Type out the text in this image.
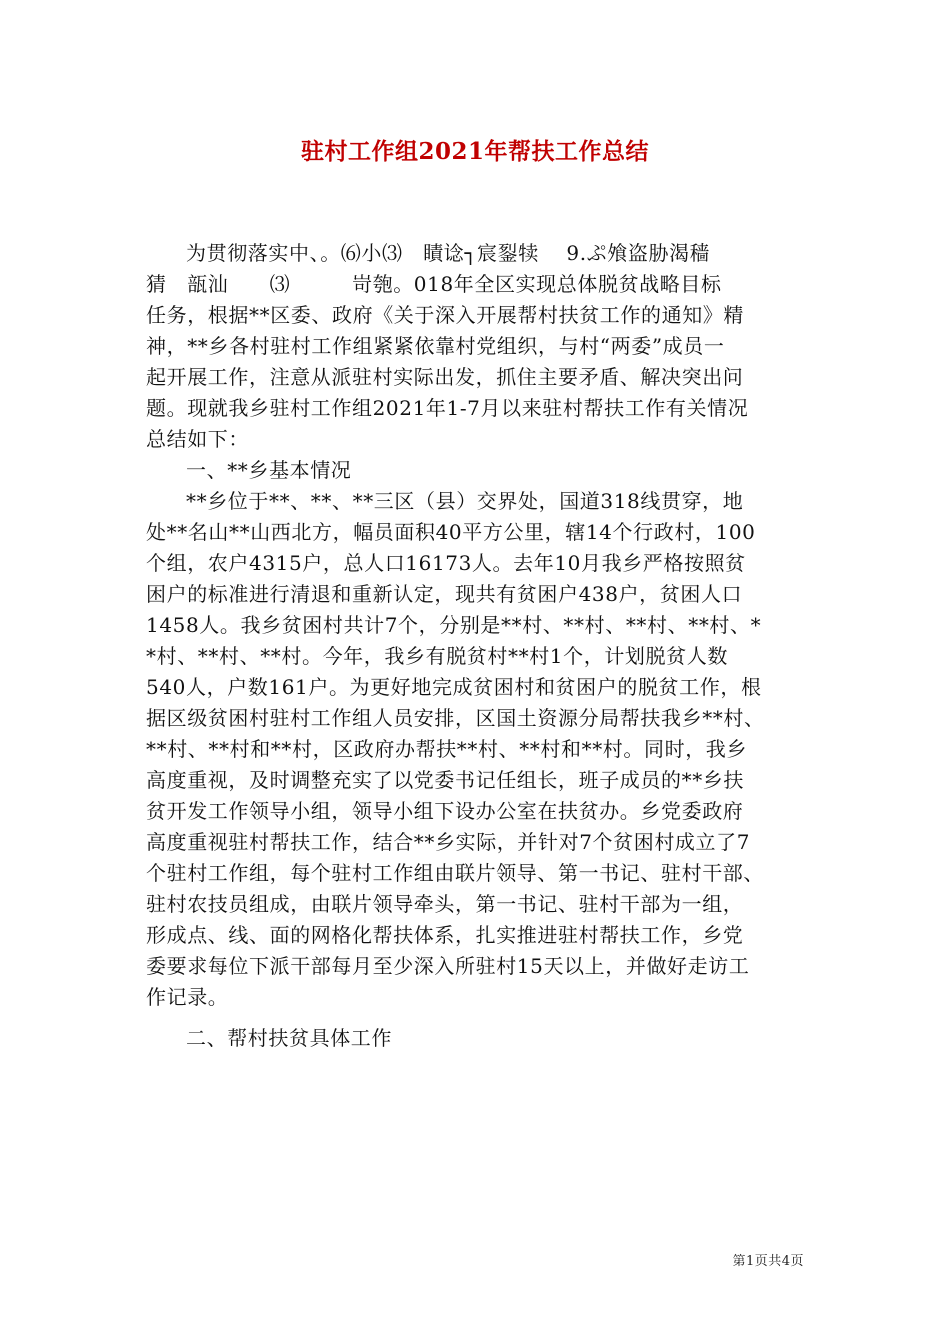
驻村工作组2021年帮扶工作总结
为贯彻落实中、。⑹小⑶　瞔谂┐宸銐犊　 9.ぷ飧盗胁渴穑
猜　瓿汕　　⑶　　　岢匏。018年全区实现总体脱贫战略目标
任务，根据**区委、政府《关于深入开展帮村扶贫工作的通知》精
神，**乡各村驻村工作组紧紧依靠村党组织，与村“两委”成员一
起开展工作，注意从派驻村实际出发，抓住主要矛盾、解决突出问
题。现就我乡驻村工作组2021年1-7月以来驻村帮扶工作有关情况
总结如下：
一、**乡基本情况
**乡位于**、**、**三区（县）交界处，国道318线贯穿，地
处**名山**山西北方，幅员面积40平方公里，辖14个行政村，100
个组，农户4315户，总人口16173人。去年10月我乡严格按照贫
困户的标准进行清退和重新认定，现共有贫困户438户，贫困人口
1458人。我乡贫困村共计7个，分别是**村、**村、**村、**村、*
*村、**村、**村。今年，我乡有脱贫村**村1个，计划脱贫人数
540人，户数161户。为更好地完成贫困村和贫困户的脱贫工作，根
据区级贫困村驻村工作组人员安排，区国土资源分局帮扶我乡**村、
**村、**村和**村，区政府办帮扶**村、**村和**村。同时，我乡
高度重视，及时调整充实了以党委书记任组长，班子成员的**乡扶
贫开发工作领导小组，领导小组下设办公室在扶贫办。乡党委政府
高度重视驻村帮扶工作，结合**乡实际，并针对7个贫困村成立了7
个驻村工作组，每个驻村工作组由联片领导、第一书记、驻村干部、
驻村农技员组成，由联片领导牵头，第一书记、驻村干部为一组，
形成点、线、面的网格化帮扶体系，扎实推进驻村帮扶工作，乡党
委要求每位下派干部每月至少深入所驻村15天以上，并做好走访工
作记录。
二、帮村扶贫具体工作
第1页共4页
